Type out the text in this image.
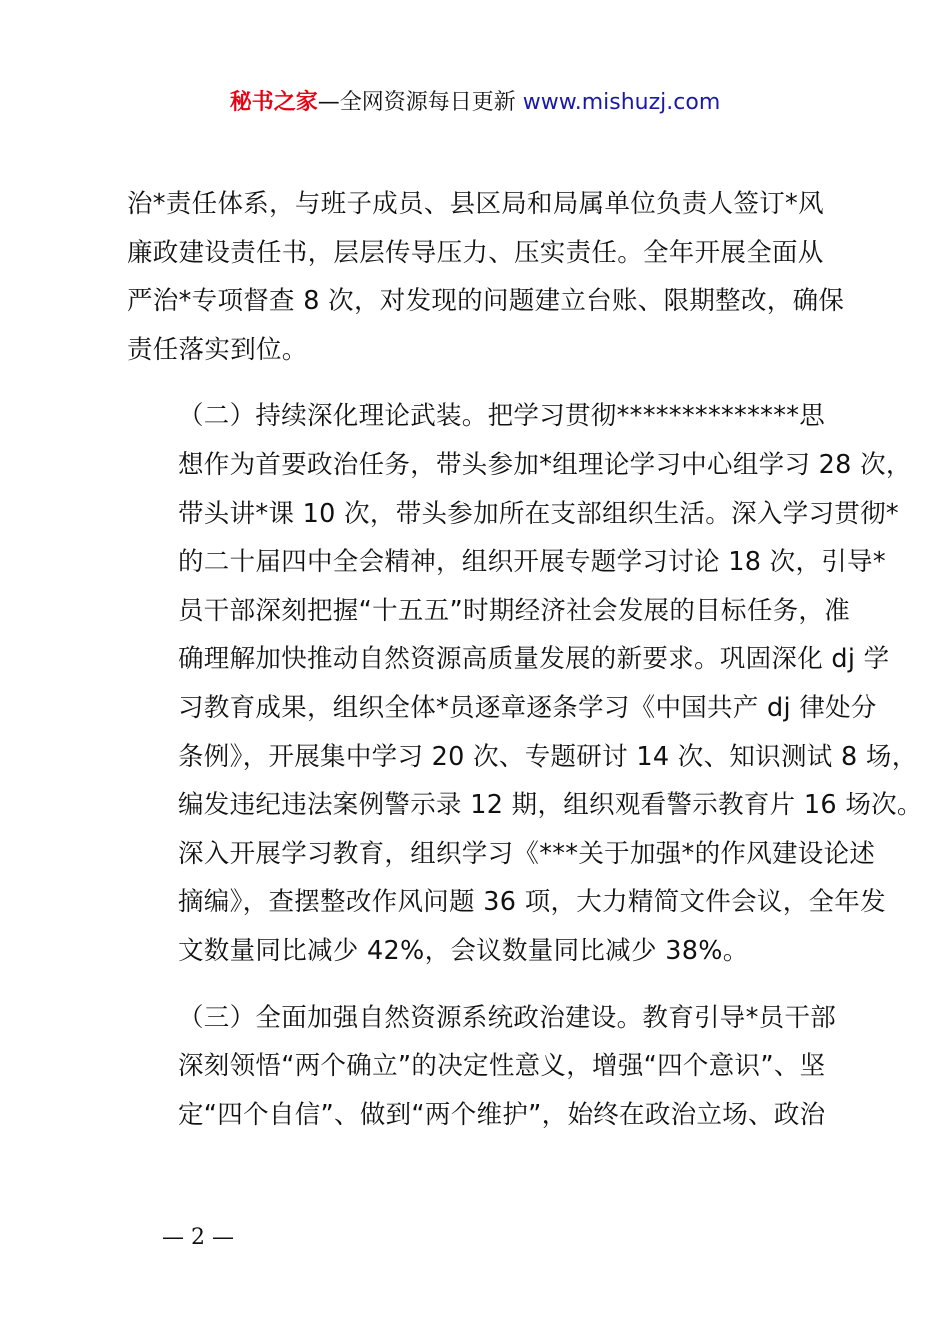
秘书之家—全网资源每日更新 www.mishuzj.com

治*责任体系，与班子成员、县区局和局属单位负责人签订*风
廉政建设责任书，层层传导压力、压实责任。全年开展全面从
严治*专项督查 8 次，对发现的问题建立台账、限期整改，确保
责任落实到位。

（二）持续深化理论武装。把学习贯彻**************思
想作为首要政治任务，带头参加*组理论学习中心组学习 28 次，
带头讲*课 10 次，带头参加所在支部组织生活。深入学习贯彻*
的二十届四中全会精神，组织开展专题学习讨论 18 次，引导*
员干部深刻把握“十五五”时期经济社会发展的目标任务，准
确理解加快推动自然资源高质量发展的新要求。巩固深化 dj 学
习教育成果，组织全体*员逐章逐条学习《中国共产 dj 律处分
条例》，开展集中学习 20 次、专题研讨 14 次、知识测试 8 场，
编发违纪违法案例警示录 12 期，组织观看警示教育片 16 场次。
深入开展学习教育，组织学习《***关于加强*的作风建设论述
摘编》，查摆整改作风问题 36 项，大力精简文件会议，全年发
文数量同比减少 42%，会议数量同比减少 38%。

（三）全面加强自然资源系统政治建设。教育引导*员干部
深刻领悟“两个确立”的决定性意义，增强“四个意识”、坚
定“四个自信”、做到“两个维护”，始终在政治立场、政治

— 2 —
